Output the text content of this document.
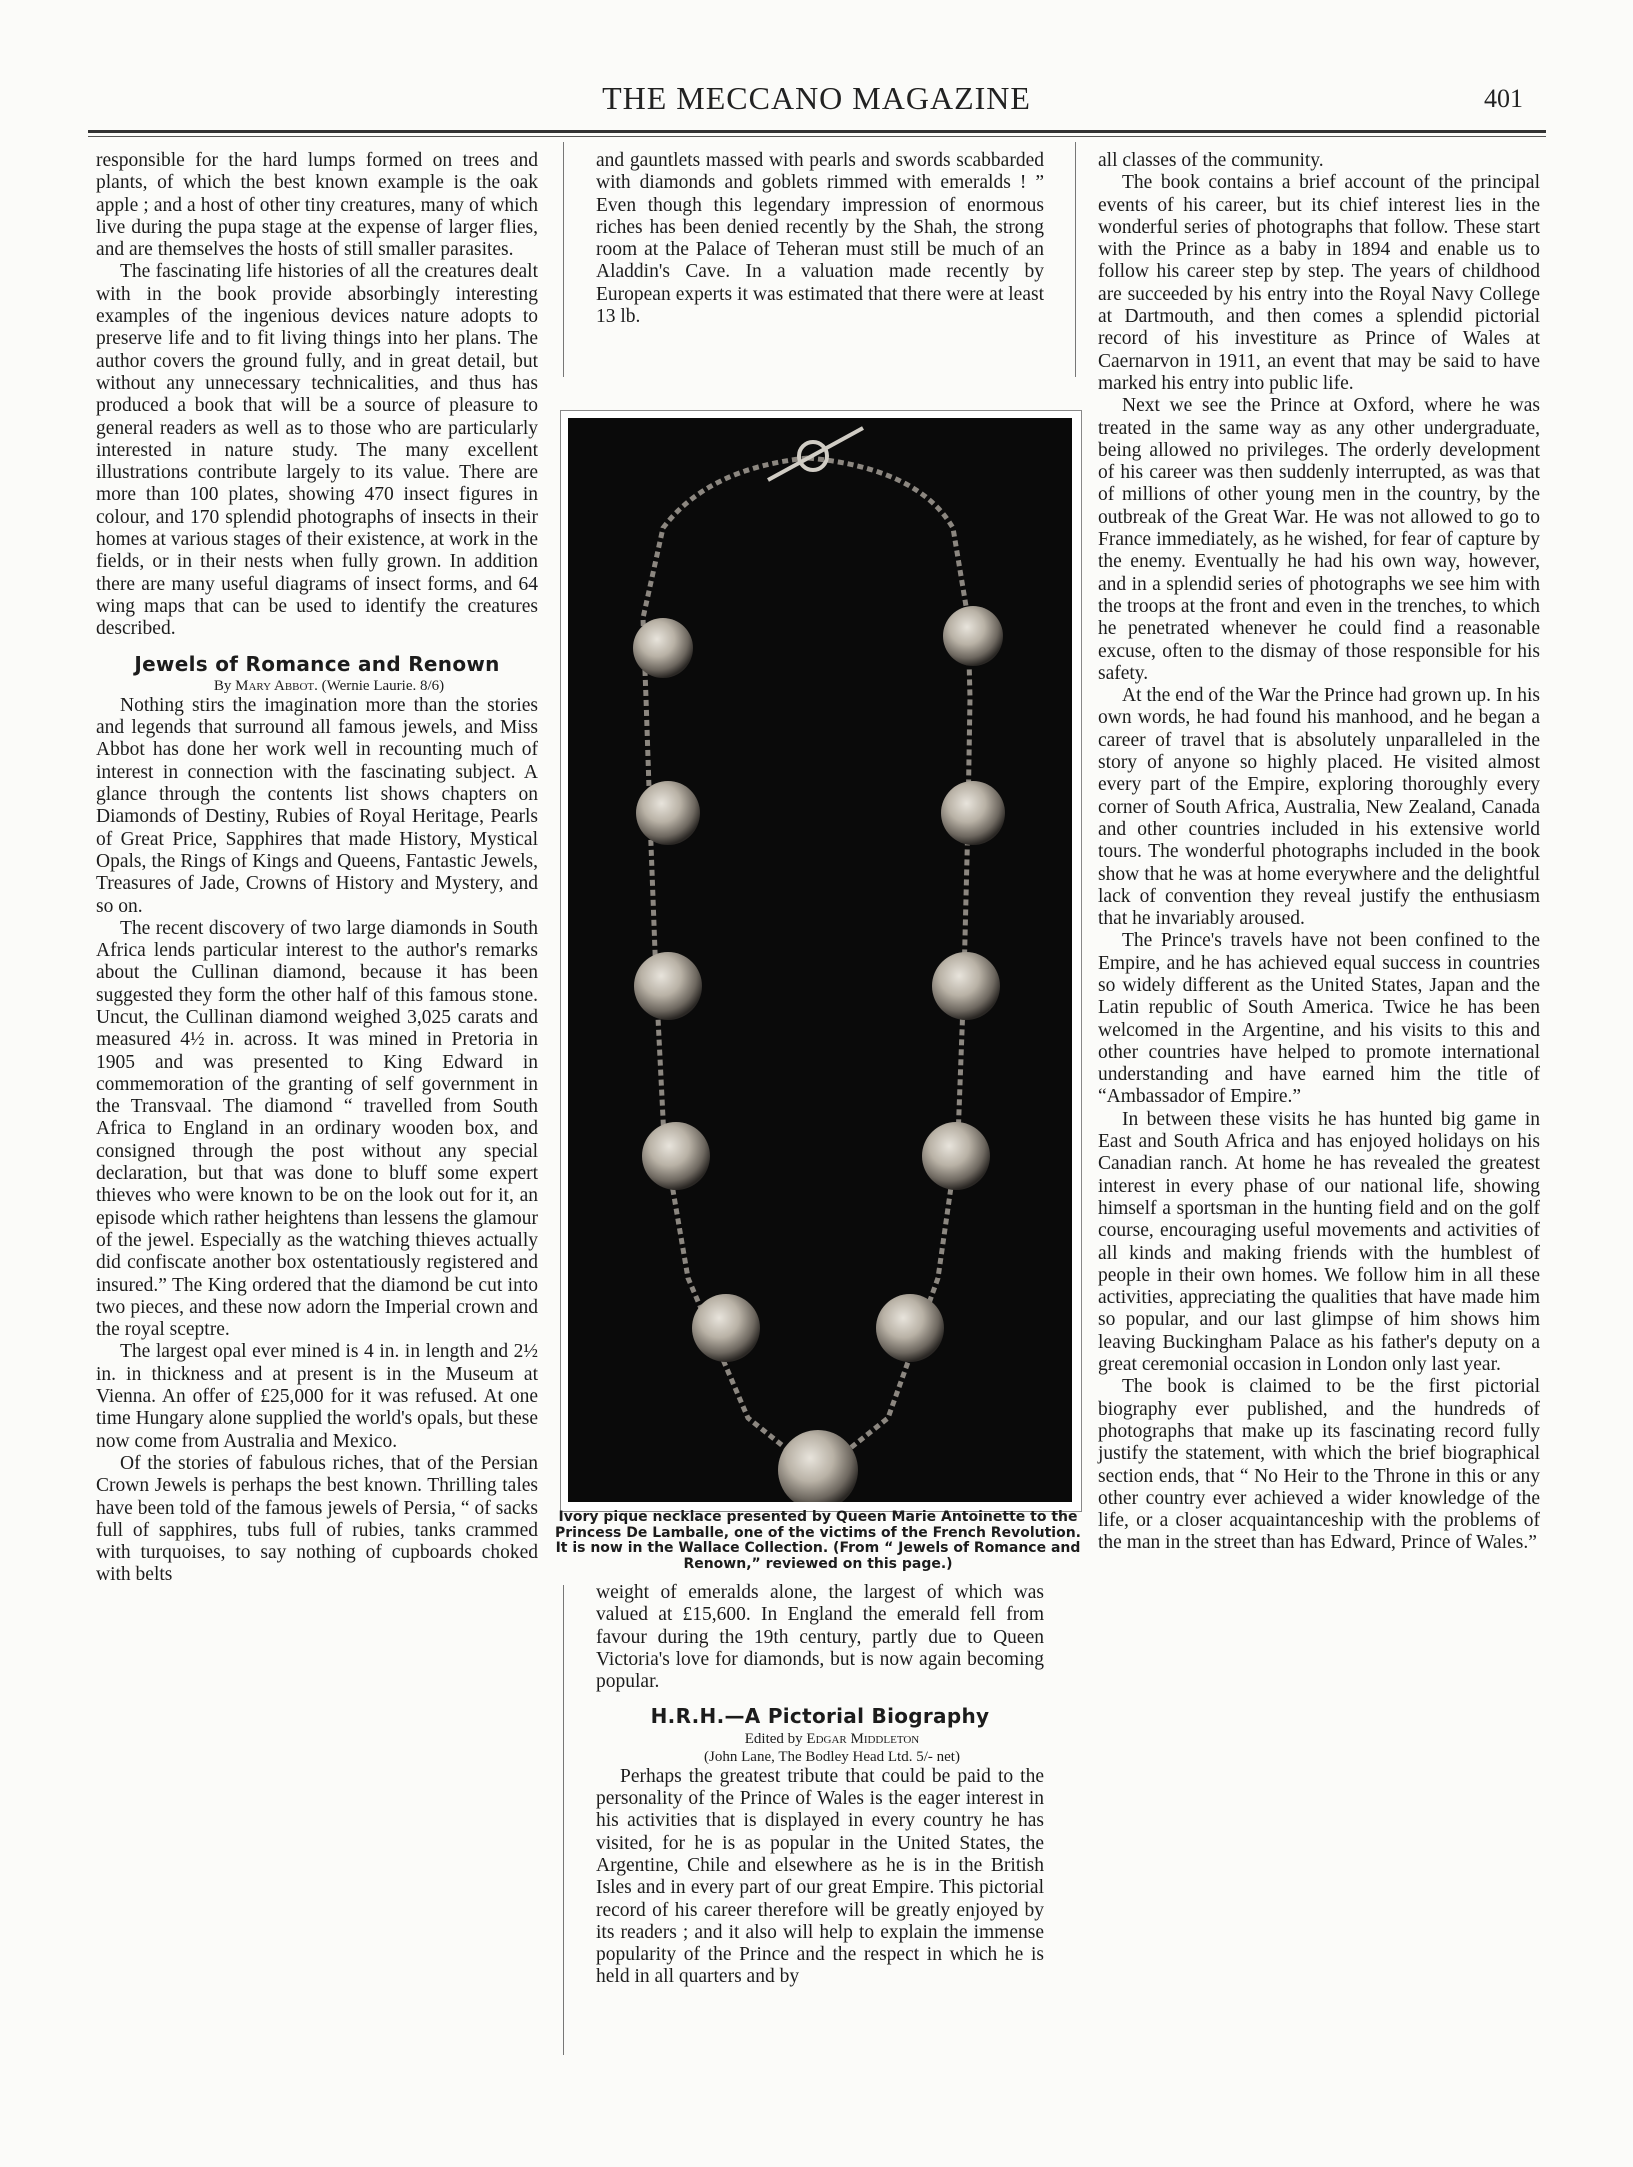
THE MECCANO MAGAZINE	401

responsible for the hard lumps formed on trees and plants, of which the best known example is the oak apple ; and a host of other tiny creatures, many of which live during the pupa stage at the expense of larger flies, and are themselves the hosts of still smaller parasites.

The fascinating life histories of all the creatures dealt with in the book provide absorbingly interesting examples of the ingenious devices nature adopts to preserve life and to fit living things into her plans. The author covers the ground fully, and in great detail, but without any unnecessary technicalities, and thus has produced a book that will be a source of pleasure to general readers as well as to those who are particularly interested in nature study. The many excellent illustrations contribute largely to its value. There are more than 100 plates, showing 470 insect figures in colour, and 170 splendid photographs of insects in their homes at various stages of their existence, at work in the fields, or in their nests when fully grown. In addition there are many useful diagrams of insect forms, and 64 wing maps that can be used to identify the creatures described.

Jewels of Romance and Renown

By Mary Abbot. (Wernie Laurie. 8/6)

Nothing stirs the imagination more than the stories and legends that surround all famous jewels, and Miss Abbot has done her work well in recounting much of interest in connection with the fascinating subject. A glance through the contents list shows chapters on Diamonds of Destiny, Rubies of Royal Heritage, Pearls of Great Price, Sapphires that made History, Mystical Opals, the Rings of Kings and Queens, Fantastic Jewels, Treasures of Jade, Crowns of History and Mystery, and so on.

The recent discovery of two large diamonds in South Africa lends particular interest to the author's remarks about the Cullinan diamond, because it has been suggested they form the other half of this famous stone. Uncut, the Cullinan diamond weighed 3,025 carats and measured 4½ in. across. It was mined in Pretoria in 1905 and was presented to King Edward in commemoration of the granting of self government in the Transvaal. The diamond “ travelled from South Africa to England in an ordinary wooden box, and consigned through the post without any special declaration, but that was done to bluff some expert thieves who were known to be on the look out for it, an episode which rather heightens than lessens the glamour of the jewel. Especially as the watching thieves actually did confiscate another box ostentatiously registered and insured.” The King ordered that the diamond be cut into two pieces, and these now adorn the Imperial crown and the royal sceptre.

The largest opal ever mined is 4 in. in length and 2½ in. in thickness and at present is in the Museum at Vienna. An offer of £25,000 for it was refused. At one time Hungary alone supplied the world's opals, but these now come from Australia and Mexico.

Of the stories of fabulous riches, that of the Persian Crown Jewels is perhaps the best known. Thrilling tales have been told of the famous jewels of Persia, “ of sacks full of sapphires, tubs full of rubies, tanks crammed with turquoises, to say nothing of cupboards choked with belts

and gauntlets massed with pearls and swords scabbarded with diamonds and goblets rimmed with emeralds ! ” Even though this legendary impression of enormous riches has been denied recently by the Shah, the strong room at the Palace of Teheran must still be much of an Aladdin's Cave. In a valuation made recently by European experts it was estimated that there were at least 13 lb.

Ivory pique necklace presented by Queen Marie Antoinette to the Princess De Lamballe, one of the victims of the French Revolution. It is now in the Wallace Collection. (From “ Jewels of Romance and Renown,” reviewed on this page.)

weight of emeralds alone, the largest of which was valued at £15,600. In England the emerald fell from favour during the 19th century, partly due to Queen Victoria's love for diamonds, but is now again becoming popular.

H.R.H.—A Pictorial Biography

Edited by Edgar Middleton

(John Lane, The Bodley Head Ltd. 5/- net)

Perhaps the greatest tribute that could be paid to the personality of the Prince of Wales is the eager interest in his activities that is displayed in every country he has visited, for he is as popular in the United States, the Argentine, Chile and elsewhere as he is in the British Isles and in every part of our great Empire. This pictorial record of his career therefore will be greatly enjoyed by its readers ; and it also will help to explain the immense popularity of the Prince and the respect in which he is held in all quarters and by

all classes of the community.

The book contains a brief account of the principal events of his career, but its chief interest lies in the wonderful series of photographs that follow. These start with the Prince as a baby in 1894 and enable us to follow his career step by step. The years of childhood are succeeded by his entry into the Royal Navy College at Dartmouth, and then comes a splendid pictorial record of his investiture as Prince of Wales at Caernarvon in 1911, an event that may be said to have marked his entry into public life.

Next we see the Prince at Oxford, where he was treated in the same way as any other undergraduate, being allowed no privileges. The orderly development of his career was then suddenly interrupted, as was that of millions of other young men in the country, by the outbreak of the Great War. He was not allowed to go to France immediately, as he wished, for fear of capture by the enemy. Eventually he had his own way, however, and in a splendid series of photographs we see him with the troops at the front and even in the trenches, to which he penetrated whenever he could find a reasonable excuse, often to the dismay of those responsible for his safety.

At the end of the War the Prince had grown up. In his own words, he had found his manhood, and he began a career of travel that is absolutely unparalleled in the story of anyone so highly placed. He visited almost every part of the Empire, exploring thoroughly every corner of South Africa, Australia, New Zealand, Canada and other countries included in his extensive world tours. The wonderful photographs included in the book show that he was at home everywhere and the delightful lack of convention they reveal justify the enthusiasm that he invariably aroused.

The Prince's travels have not been confined to the Empire, and he has achieved equal success in countries so widely different as the United States, Japan and the Latin republic of South America. Twice he has been welcomed in the Argentine, and his visits to this and other countries have helped to promote international understanding and have earned him the title of “Ambassador of Empire.”

In between these visits he has hunted big game in East and South Africa and has enjoyed holidays on his Canadian ranch. At home he has revealed the greatest interest in every phase of our national life, showing himself a sportsman in the hunting field and on the golf course, encouraging useful movements and activities of all kinds and making friends with the humblest of people in their own homes. We follow him in all these activities, appreciating the qualities that have made him so popular, and our last glimpse of him shows him leaving Buckingham Palace as his father's deputy on a great ceremonial occasion in London only last year.

The book is claimed to be the first pictorial biography ever published, and the hundreds of photographs that make up its fascinating record fully justify the statement, with which the brief biographical section ends, that “ No Heir to the Throne in this or any other country ever achieved a wider knowledge of the life, or a closer acquaintanceship with the problems of the man in the street than has Edward, Prince of Wales.”
